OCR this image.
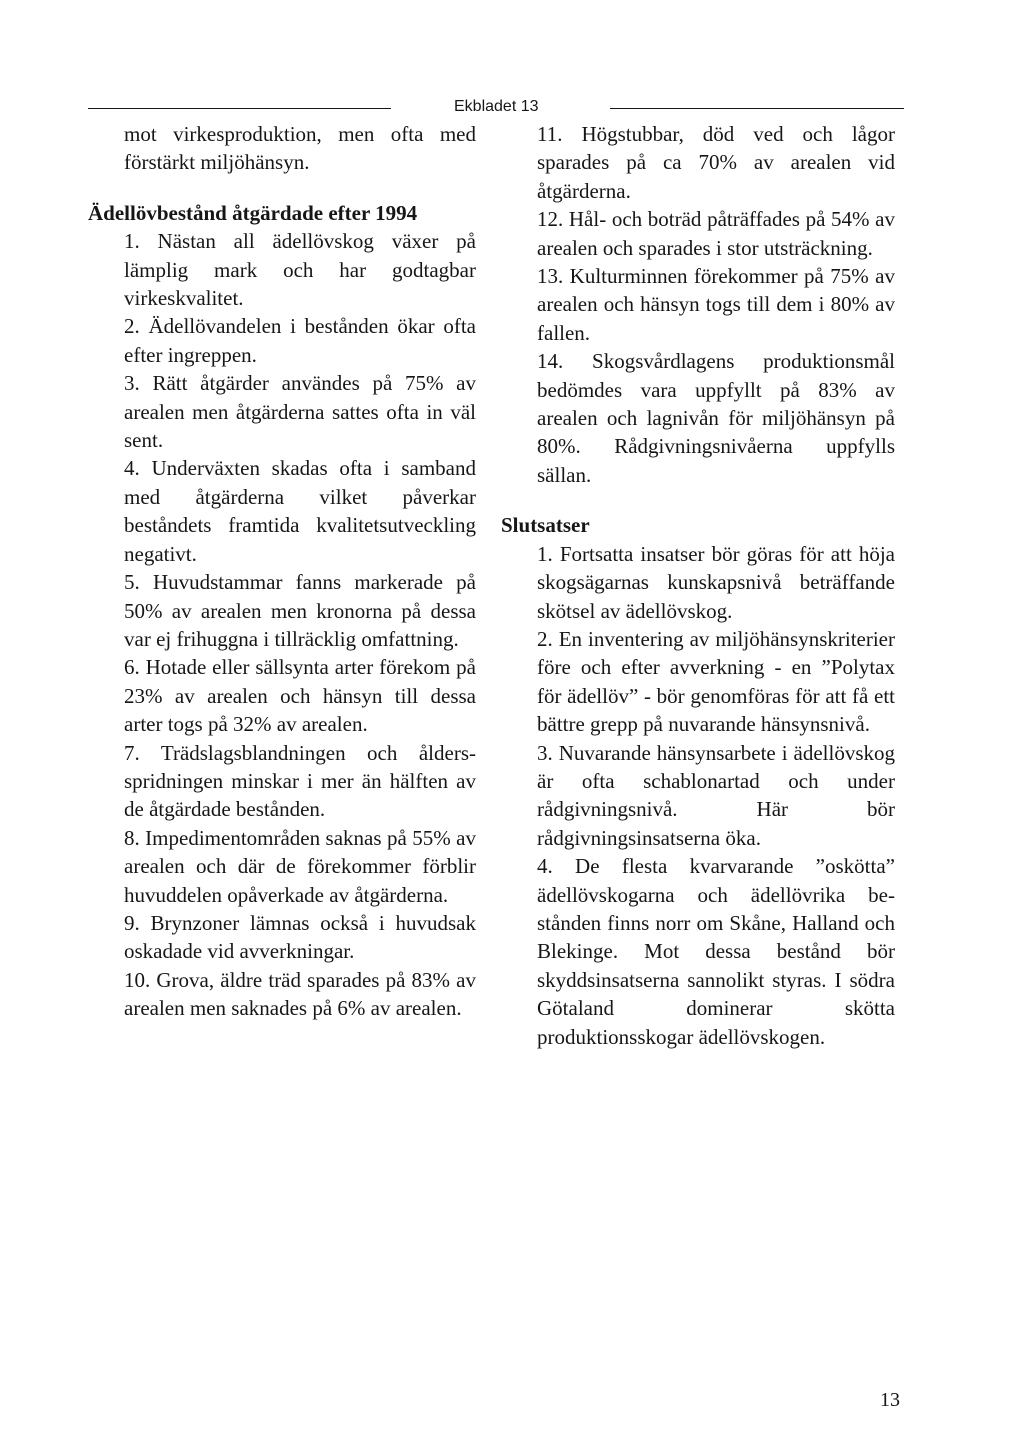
Ekbladet 13

mot virkesproduktion, men ofta med förstärkt miljöhänsyn.

Ädellövbestånd åtgärdade efter 1994

1. Nästan all ädellövskog växer på lämplig mark och har godtagbar virkeskvalitet.

2. Ädellövandelen i bestånden ökar ofta efter ingreppen.

3. Rätt åtgärder användes på 75% av arealen men åtgärderna sattes ofta in väl sent.

4. Underväxten skadas ofta i samband med åtgärderna vilket påverkar beståndets framtida kvalitetsutveckling negativt.

5. Huvudstammar fanns markerade på 50% av arealen men kronorna på dessa var ej frihuggna i tillräcklig omfattning.

6. Hotade eller sällsynta arter förekom på 23% av arealen och hänsyn till dessa arter togs på 32% av arealen.

7. Trädslagsblandningen och åldersspridningen minskar i mer än hälften av de åtgärdade bestånden.

8. Impedimentområden saknas på 55% av arealen och där de förekommer förblir huvuddelen opåverkade av åtgärderna.

9. Brynzoner lämnas också i huvudsak oskadade vid avverkningar.

10. Grova, äldre träd sparades på 83% av arealen men saknades på 6% av arealen.

11. Högstubbar, död ved och lågor sparades på ca 70% av arealen vid åtgärderna.

12. Hål- och boträd påträffades på 54% av arealen och sparades i stor utsträckning.

13. Kulturminnen förekommer på 75% av arealen och hänsyn togs till dem i 80% av fallen.

14. Skogsvårdlagens produktionsmål bedömdes vara uppfyllt på 83% av arealen och lagnivån för miljöhänsyn på 80%. Rådgivningsnivåerna uppfylls sällan.

Slutsatser

1. Fortsatta insatser bör göras för att höja skogsägarnas kunskapsnivå beträffande skötsel av ädellövskog.

2. En inventering av miljöhänsynskriterier före och efter avverkning - en ”Polytax för ädellöv” - bör genomföras för att få ett bättre grepp på nuvarande hänsynsnivå.

3. Nuvarande hänsynsarbete i ädellövskog är ofta schablonartad och under rådgivningsnivå. Här bör rådgivningsinsatserna öka.

4. De flesta kvarvarande ”oskötta” ädellövskogarna och ädellövrika bestånden finns norr om Skåne, Halland och Blekinge. Mot dessa bestånd bör skyddsinsatserna sannolikt styras. I södra Götaland dominerar skötta produktionsskogar ädellövskogen.

13
